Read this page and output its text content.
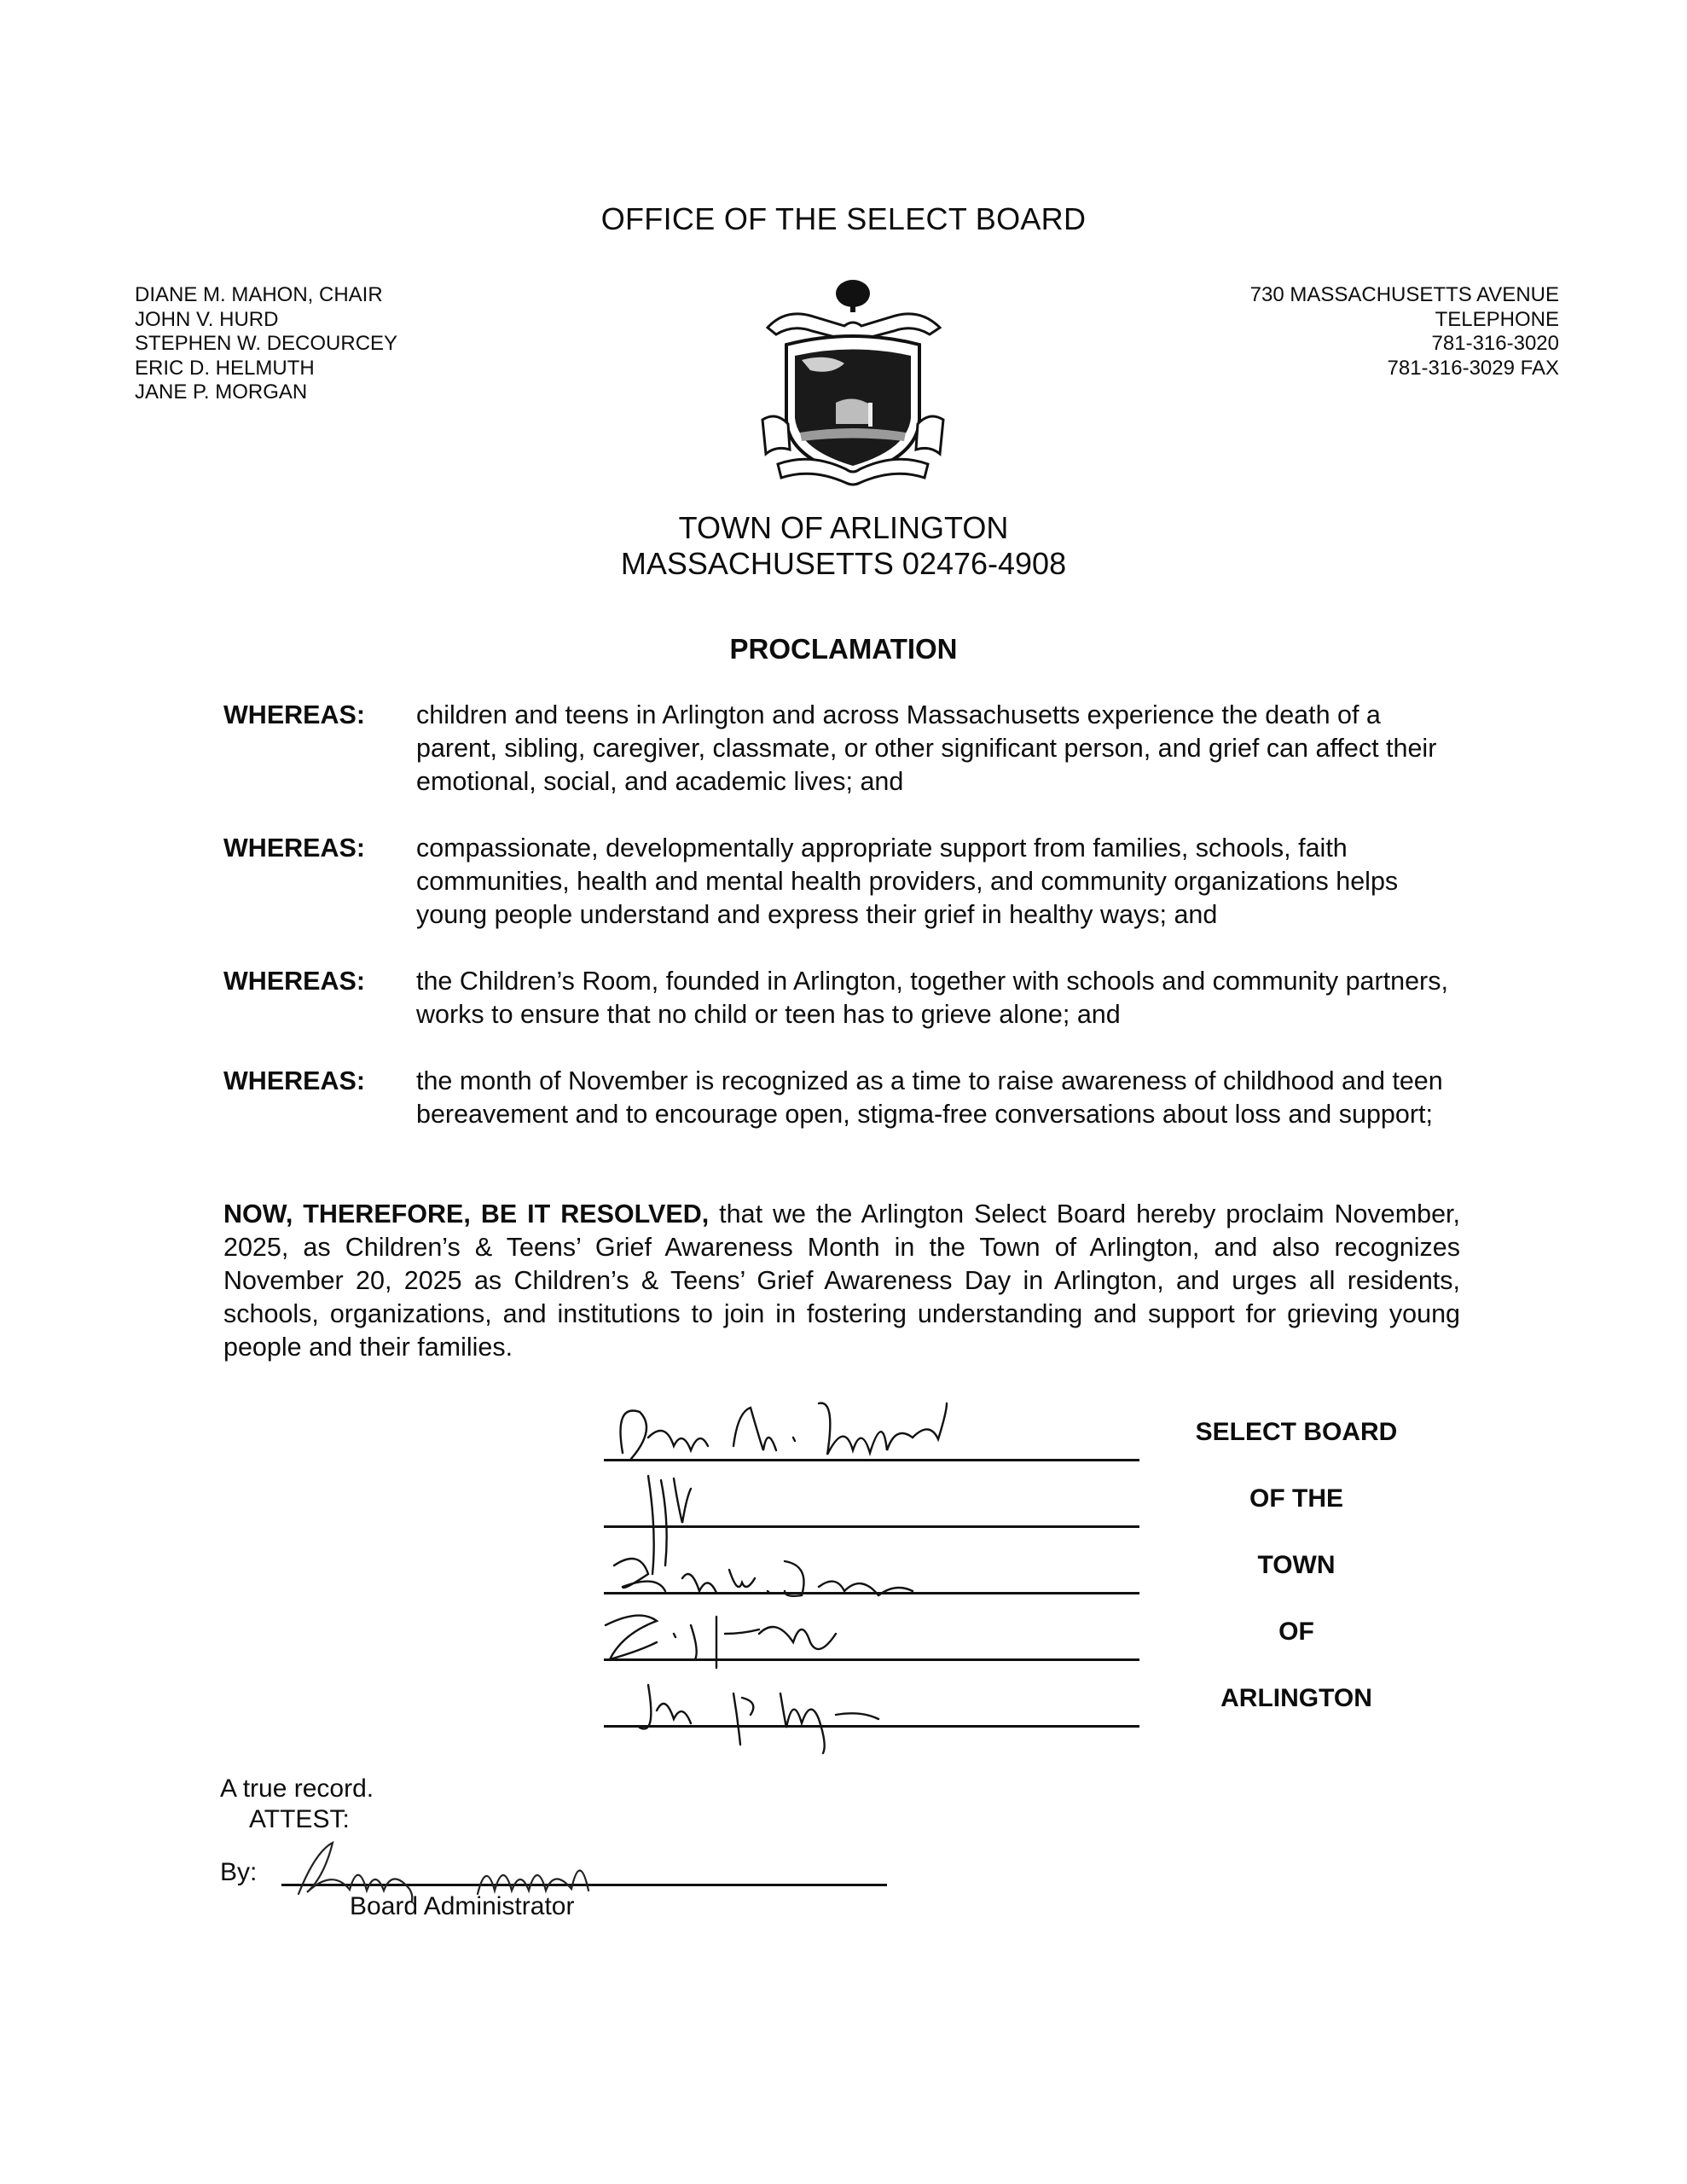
OFFICE OF THE SELECT BOARD
DIANE M. MAHON, CHAIR
JOHN V. HURD
STEPHEN W. DECOURCEY
ERIC D. HELMUTH
JANE P. MORGAN
730 MASSACHUSETTS AVENUE
TELEPHONE
781-316-3020
781-316-3029 FAX
TOWN OF ARLINGTON
MASSACHUSETTS 02476-4908
PROCLAMATION
WHEREAS: children and teens in Arlington and across Massachusetts experience the death of a parent, sibling, caregiver, classmate, or other significant person, and grief can affect their emotional, social, and academic lives; and
WHEREAS: compassionate, developmentally appropriate support from families, schools, faith communities, health and mental health providers, and community organizations helps young people understand and express their grief in healthy ways; and
WHEREAS: the Children’s Room, founded in Arlington, together with schools and community partners, works to ensure that no child or teen has to grieve alone; and
WHEREAS: the month of November is recognized as a time to raise awareness of childhood and teen bereavement and to encourage open, stigma-free conversations about loss and support;
NOW, THEREFORE, BE IT RESOLVED, that we the Arlington Select Board hereby proclaim November, 2025, as Children’s & Teens’ Grief Awareness Month in the Town of Arlington, and also recognizes November 20, 2025 as Children’s & Teens’ Grief Awareness Day in Arlington, and urges all residents, schools, organizations, and institutions to join in fostering understanding and support for grieving young people and their families.
SELECT BOARD
OF THE
TOWN
OF
ARLINGTON
A true record.
ATTEST:
By:
Board Administrator
